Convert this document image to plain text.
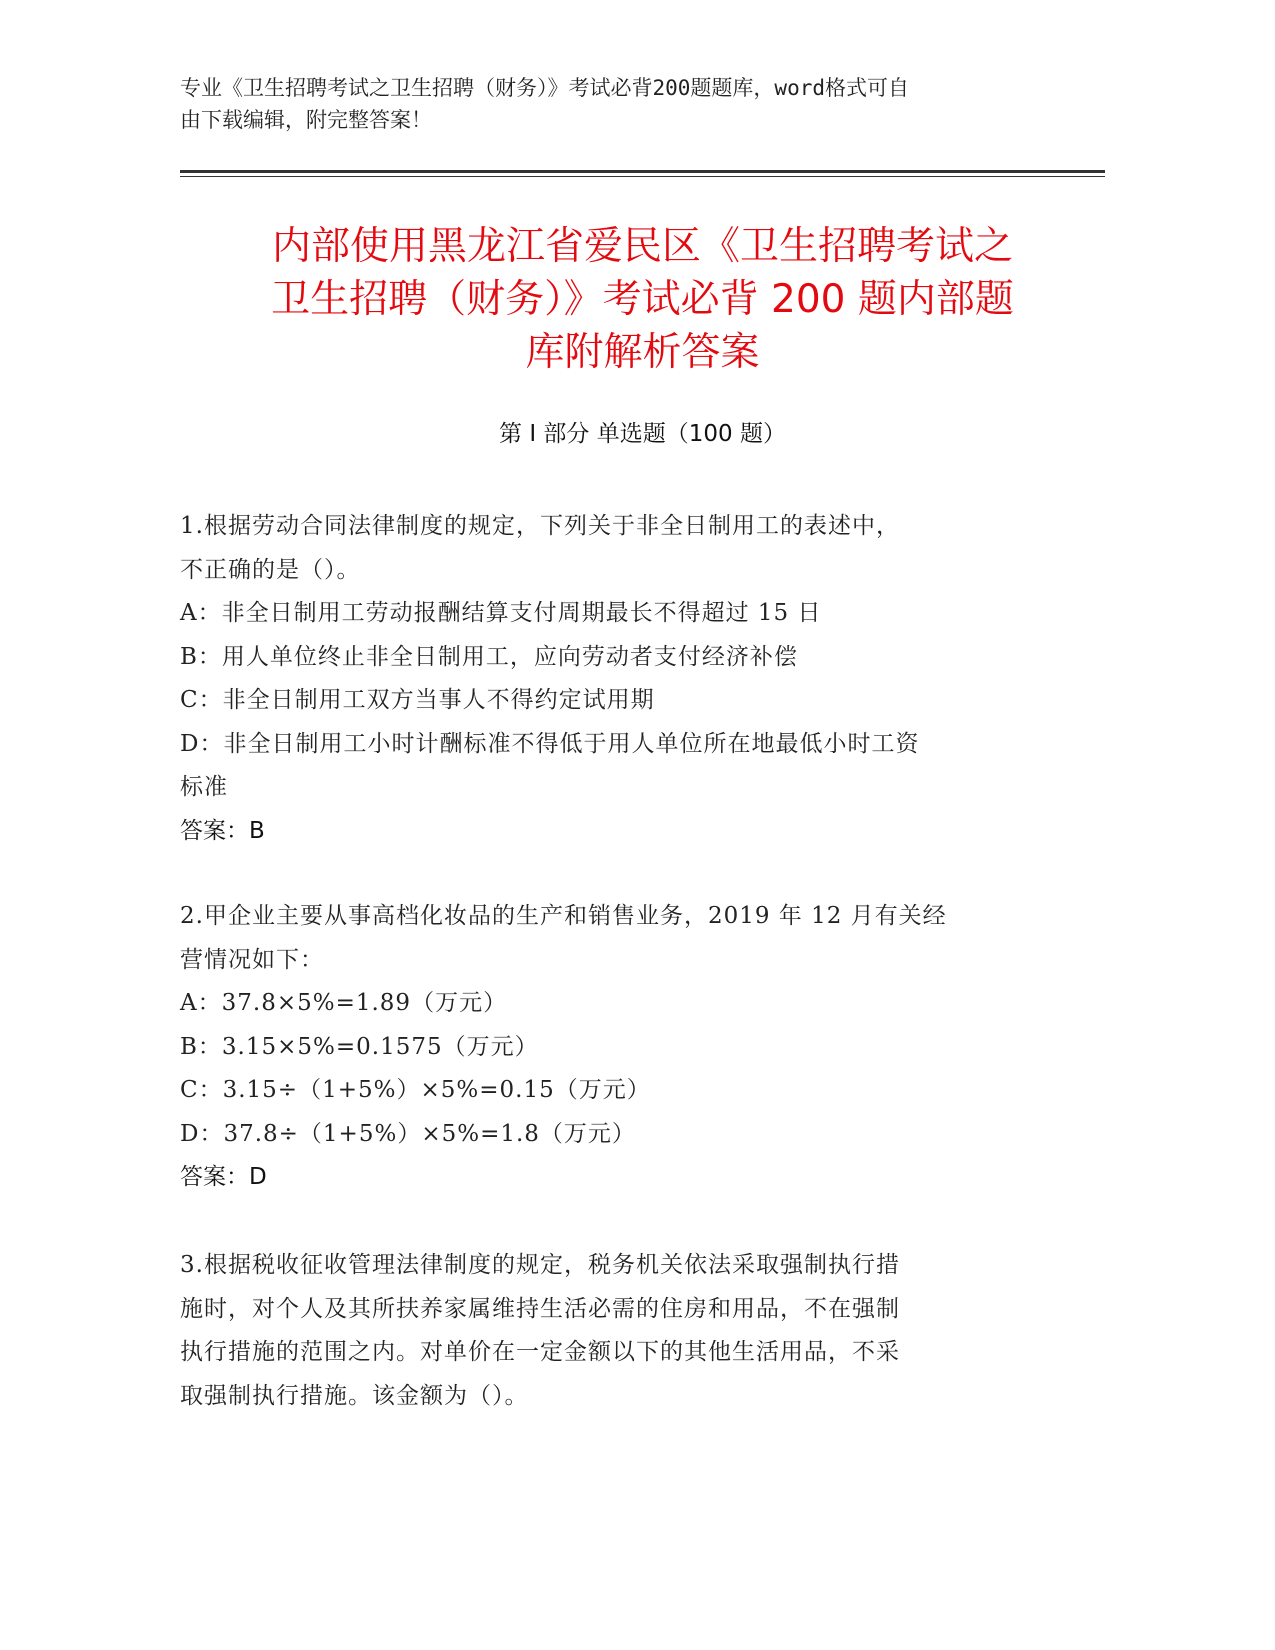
专业《卫生招聘考试之卫生招聘（财务）》考试必背200题题库，word格式可自
由下载编辑，附完整答案！
内部使用黑龙江省爱民区《卫生招聘考试之
卫生招聘（财务）》考试必背 200 题内部题
库附解析答案
第 I 部分 单选题（100 题）
1.根据劳动合同法律制度的规定，下列关于非全日制用工的表述中，
不正确的是（）。
A：非全日制用工劳动报酬结算支付周期最长不得超过 15 日
B：用人单位终止非全日制用工，应向劳动者支付经济补偿
C：非全日制用工双方当事人不得约定试用期
D：非全日制用工小时计酬标准不得低于用人单位所在地最低小时工资
标准
答案：B
2.甲企业主要从事高档化妆品的生产和销售业务，2019 年 12 月有关经
营情况如下：
A：37.8×5%=1.89（万元）
B：3.15×5%=0.1575（万元）
C：3.15÷（1+5%）×5%=0.15（万元）
D：37.8÷（1+5%）×5%=1.8（万元）
答案：D
3.根据税收征收管理法律制度的规定，税务机关依法采取强制执行措
施时，对个人及其所扶养家属维持生活必需的住房和用品，不在强制
执行措施的范围之内。对单价在一定金额以下的其他生活用品，不采
取强制执行措施。该金额为（）。
